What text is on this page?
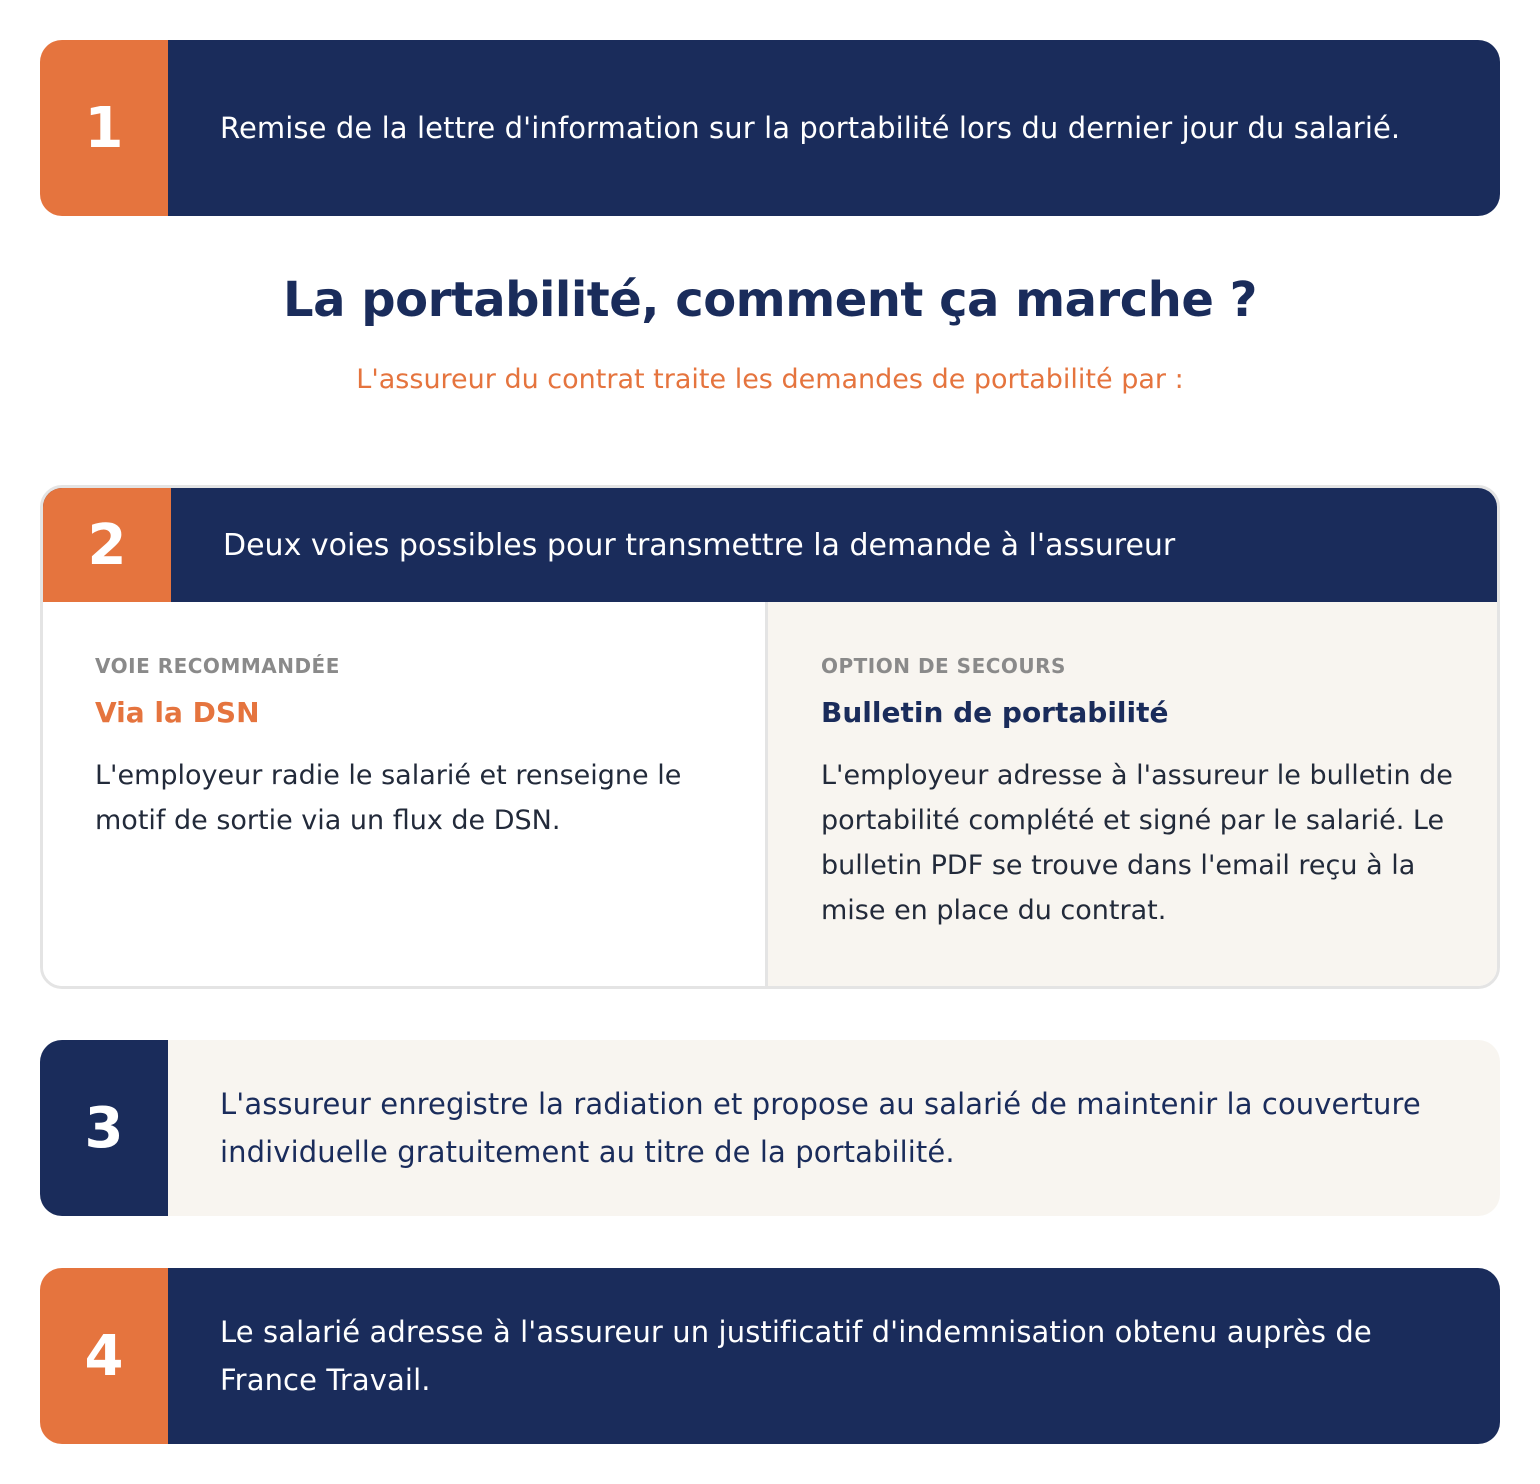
1	Remise de la lettre d'information sur la portabilité lors du dernier jour du salarié.
La portabilité, comment ça marche ?
L'assureur du contrat traite les demandes de portabilité par :
2	Deux voies possibles pour transmettre la demande à l'assureur
VOIE RECOMMANDÉE
Via la DSN
L'employeur radie le salarié et renseigne le motif de sortie via un flux de DSN.
OPTION DE SECOURS
Bulletin de portabilité
L'employeur adresse à l'assureur le bulletin de portabilité complété et signé par le salarié. Le bulletin PDF se trouve dans l'email reçu à la mise en place du contrat.
3	L'assureur enregistre la radiation et propose au salarié de maintenir la couverture individuelle gratuitement au titre de la portabilité.
4	Le salarié adresse à l'assureur un justificatif d'indemnisation obtenu auprès de France Travail.
